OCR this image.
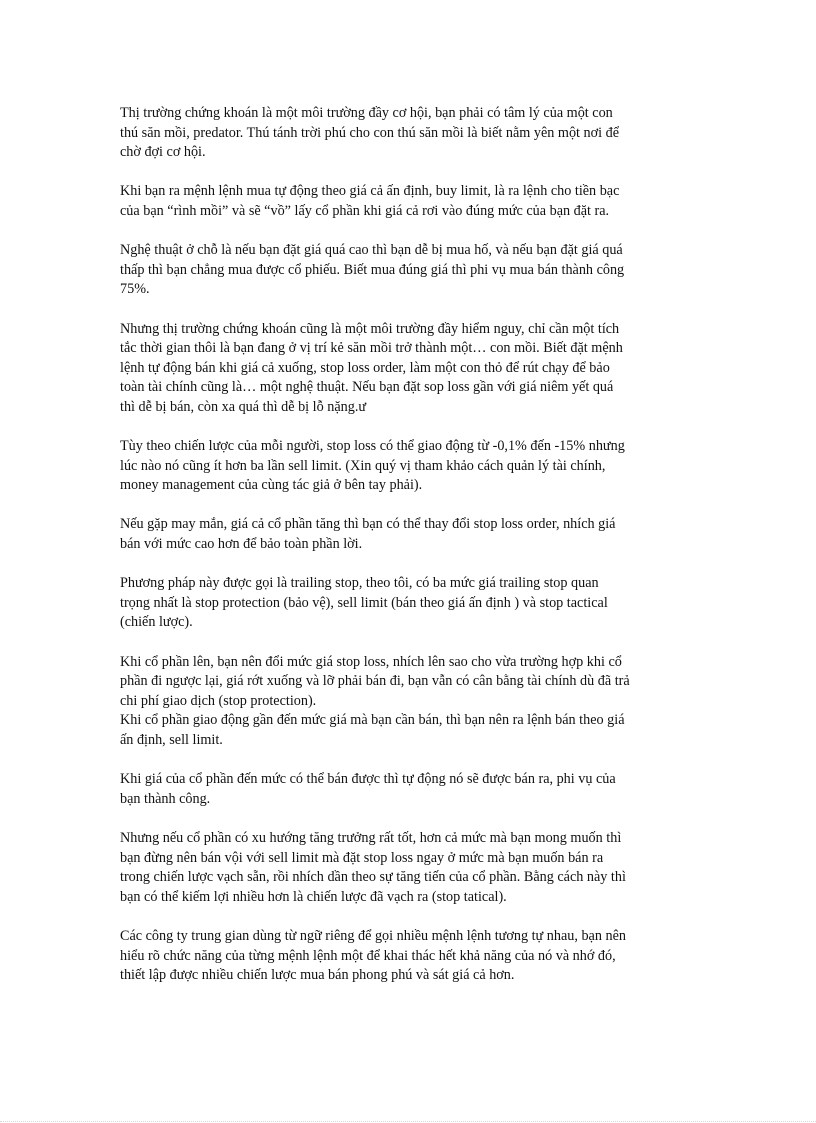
Thị trường chứng khoán là một môi trường đầy cơ hội, bạn phải có tâm lý của một con
thú săn mồi, predator. Thú tánh trời phú cho con thú săn mồi là biết nằm yên một nơi để
chờ đợi cơ hội.

Khi bạn ra mệnh lệnh mua tự động theo giá cả ấn định, buy limit, là ra lệnh cho tiền bạc
của bạn “rình mồi” và sẽ “vồ” lấy cổ phần khi giá cả rơi vào đúng mức của bạn đặt ra.

Nghệ thuật ở chỗ là nếu bạn đặt giá quá cao thì bạn dễ bị mua hố, và nếu bạn đặt giá quá
thấp thì bạn chẳng mua được cổ phiếu. Biết mua đúng giá thì phi vụ mua bán thành công
75%.

Nhưng thị trường chứng khoán cũng là một môi trường đầy hiểm nguy, chỉ cần một tích
tắc thời gian thôi là bạn đang ở vị trí kẻ săn mồi trở thành một… con mồi. Biết đặt mệnh
lệnh tự động bán khi giá cả xuống, stop loss order, làm một con thỏ để rút chạy để bảo
toàn tài chính cũng là… một nghệ thuật. Nếu bạn đặt sop loss gần với giá niêm yết quá
thì dễ bị bán, còn xa quá thì dễ bị lỗ nặng.ư

Tùy theo chiến lược của mỗi người, stop loss có thể giao động từ -0,1% đến -15% nhưng
lúc nào nó cũng ít hơn ba lần sell limit. (Xin quý vị tham khảo cách quản lý tài chính,
money management của cùng tác giả ở bên tay phải).

Nếu gặp may mắn, giá cả cổ phần tăng thì bạn có thể thay đổi stop loss order, nhích giá
bán với mức cao hơn để bảo toàn phần lời.

Phương pháp này được gọi là trailing stop, theo tôi, có ba mức giá trailing stop quan
trọng nhất là stop protection (bảo vệ), sell limit (bán theo giá ấn định ) và stop tactical
(chiến lược).

Khi cổ phần lên, bạn nên đổi mức giá stop loss, nhích lên sao cho vừa trường hợp khi cổ
phần đi ngược lại, giá rớt xuống và lỡ phải bán đi, bạn vẫn có cân bằng tài chính dù đã trả
chi phí giao dịch (stop protection).

Khi cổ phần giao động gần đến mức giá mà bạn cần bán, thì bạn nên ra lệnh bán theo giá
ấn định, sell limit.

Khi giá của cổ phần đến mức có thể bán được thì tự động nó sẽ được bán ra, phi vụ của
bạn thành công.

Nhưng nếu cổ phần có xu hướng tăng trưởng rất tốt, hơn cả mức mà bạn mong muốn thì
bạn đừng nên bán vội với sell limit mà đặt stop loss ngay ở mức mà bạn muốn bán ra
trong chiến lược vạch sẵn, rồi nhích dần theo sự tăng tiến của cổ phần. Bằng cách này thì
bạn có thể kiếm lợi nhiều hơn là chiến lược đã vạch ra (stop tatical).

Các công ty trung gian dùng từ ngữ riêng để gọi nhiều mệnh lệnh tương tự nhau, bạn nên
hiểu rõ chức năng của từng mệnh lệnh một để khai thác hết khả năng của nó và nhớ đó,
thiết lập được nhiều chiến lược mua bán phong phú và sát giá cả hơn.
